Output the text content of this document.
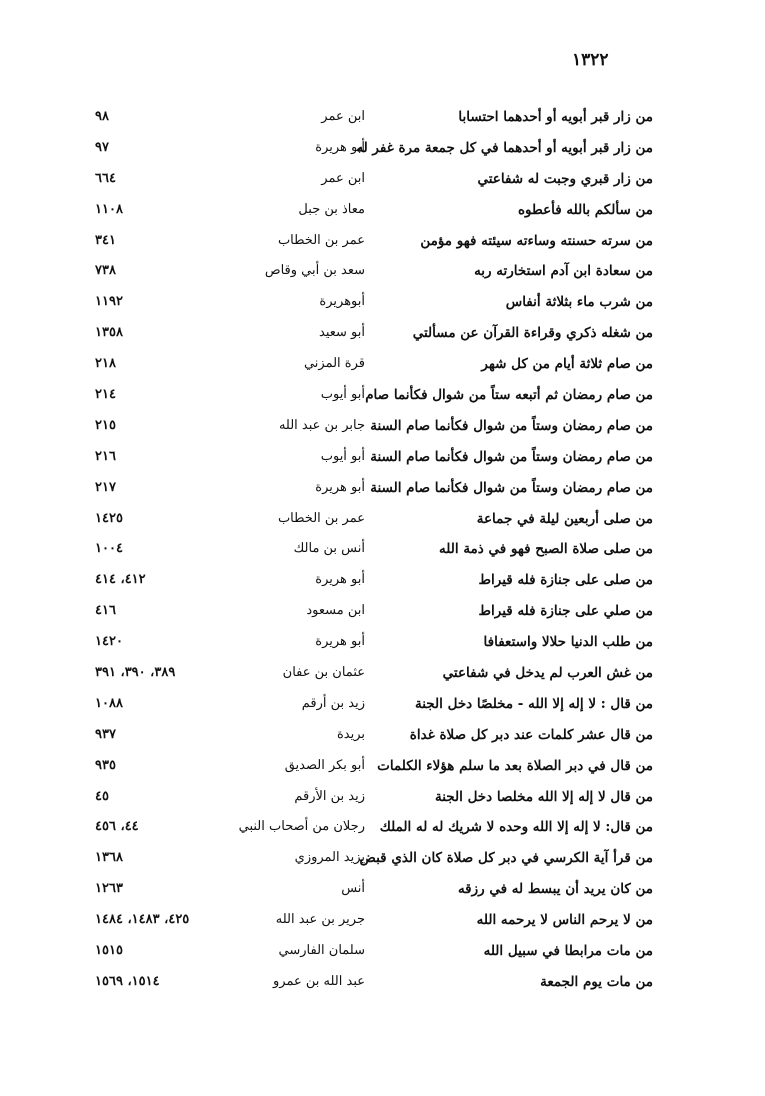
١٣٢٢
من زار قبر أبويه أو أحدهما احتسابا
ابن عمر
٩٨
من زار قبر أبويه أو أحدهما في كل جمعة مرة غفر له
أبو هريرة
٩٧
من زار قبري وجبت له شفاعتي
ابن عمر
٦٦٤
من سألكم بالله فأعطوه
معاذ بن جبل
١١٠٨
من سرته حسنته وساءته سيئته فهو مؤمن
عمر بن الخطاب
٣٤١
من سعادة ابن آدم استخارته ربه
سعد بن أبي وقاص
٧٣٨
من شرب ماء بثلاثة أنفاس
أبوهريرة
١١٩٢
من شغله ذكري وقراءة القرآن عن مسألتي
أبو سعيد
١٣٥٨
من صام ثلاثة أيام من كل شهر
قرة المزني
٢١٨
من صام رمضان ثم أتبعه ستاً من شوال فكأنما صام
أبو أيوب
٢١٤
من صام رمضان وستاً من شوال فكأنما صام السنة
جابر بن عبد الله
٢١٥
من صام رمضان وستاً من شوال فكأنما صام السنة
أبو أيوب
٢١٦
من صام رمضان وستاً من شوال فكأنما صام السنة
أبو هريرة
٢١٧
من صلى أربعين ليلة في جماعة
عمر بن الخطاب
١٤٢٥
من صلى صلاة الصبح فهو في ذمة الله
أنس بن مالك
١٠٠٤
من صلى على جنازة فله قيراط
أبو هريرة
٤١٢، ٤١٤
من صلي على جنازة فله قيراط
ابن مسعود
٤١٦
من طلب الدنيا حلالا واستعفافا
أبو هريرة
١٤٢٠
من غش العرب لم يدخل في شفاعتي
عثمان بن عفان
٣٨٩، ٣٩٠، ٣٩١
من قال : لا إله إلا الله - مخلصًا دخل الجنة
زيد بن أرقم
١٠٨٨
من قال عشر كلمات عند دبر كل صلاة غداة
بريدة
٩٣٧
من قال في دبر الصلاة بعد ما سلم هؤلاء الكلمات
أبو بكر الصديق
٩٣٥
من قال لا إله إلا الله مخلصا دخل الجنة
زيد بن الأرقم
٤٥
من قال: لا إله إلا الله وحده لا شريك له له الملك
رجلان من أصحاب النبي
٤٤، ٤٥٦
من قرأ آية الكرسي في دبر كل صلاة كان الذي قبض
يزيد المروزي
١٣٦٨
من كان يريد أن يبسط له في رزقه
أنس
١٢٦٣
من لا يرحم الناس لا يرحمه الله
جرير بن عبد الله
٤٢٥، ١٤٨٣، ١٤٨٤
من مات مرابطا في سبيل الله
سلمان الفارسي
١٥١٥
من مات يوم الجمعة
عبد الله بن عمرو
١٥١٤، ١٥٦٩
